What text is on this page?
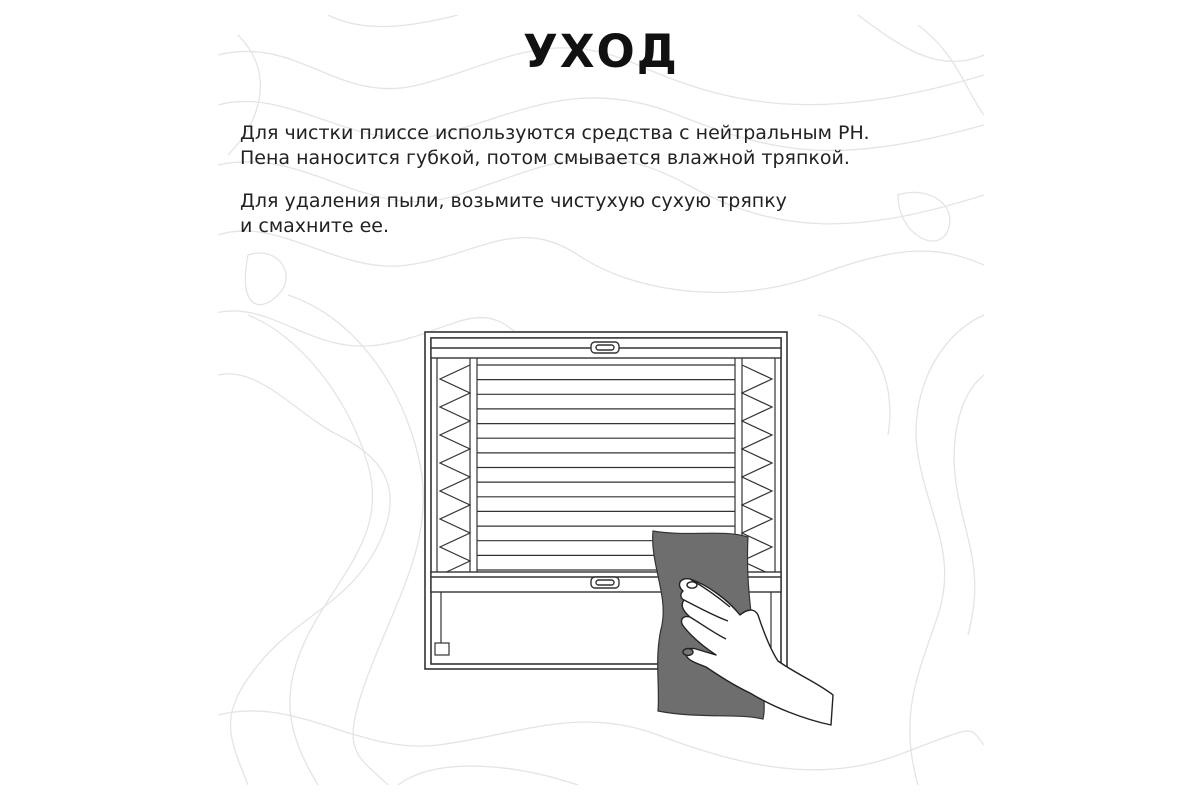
УХОД

Для чистки плиссе используются средства с нейтральным PH.
Пена наносится губкой, потом смывается влажной тряпкой.

Для удаления пыли, возьмите чистухую сухую тряпку
и смахните ее.
